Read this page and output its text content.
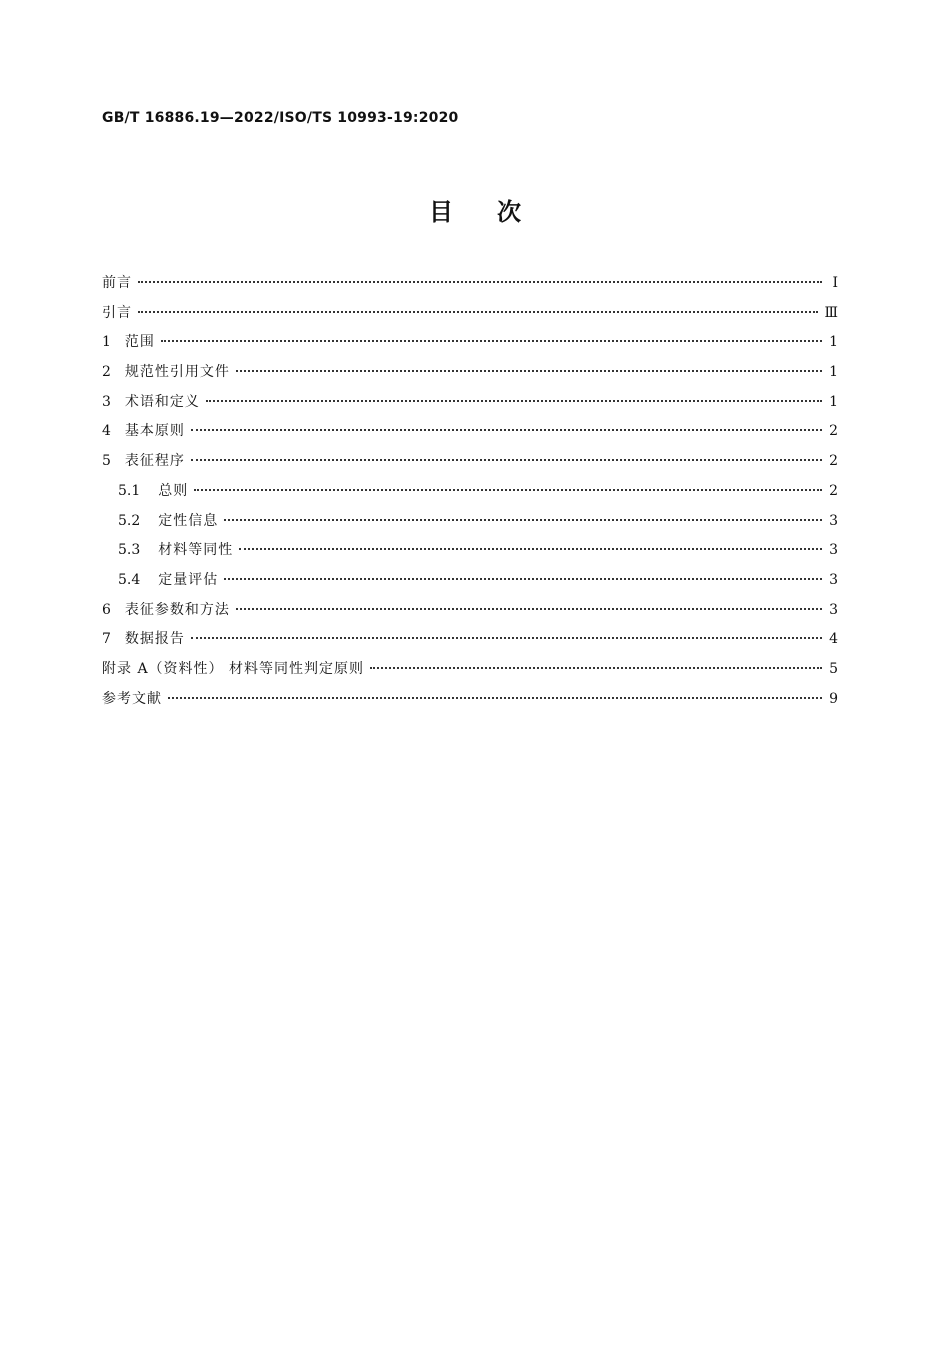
GB/T 16886.19—2022/ISO/TS 10993-19:2020
目次
前言	Ⅰ
引言	Ⅲ
1 范围	1
2 规范性引用文件	1
3 术语和定义	1
4 基本原则	2
5 表征程序	2
5.1 总则	2
5.2 定性信息	3
5.3 材料等同性	3
5.4 定量评估	3
6 表征参数和方法	3
7 数据报告	4
附录 A（资料性） 材料等同性判定原则	5
参考文献	9
